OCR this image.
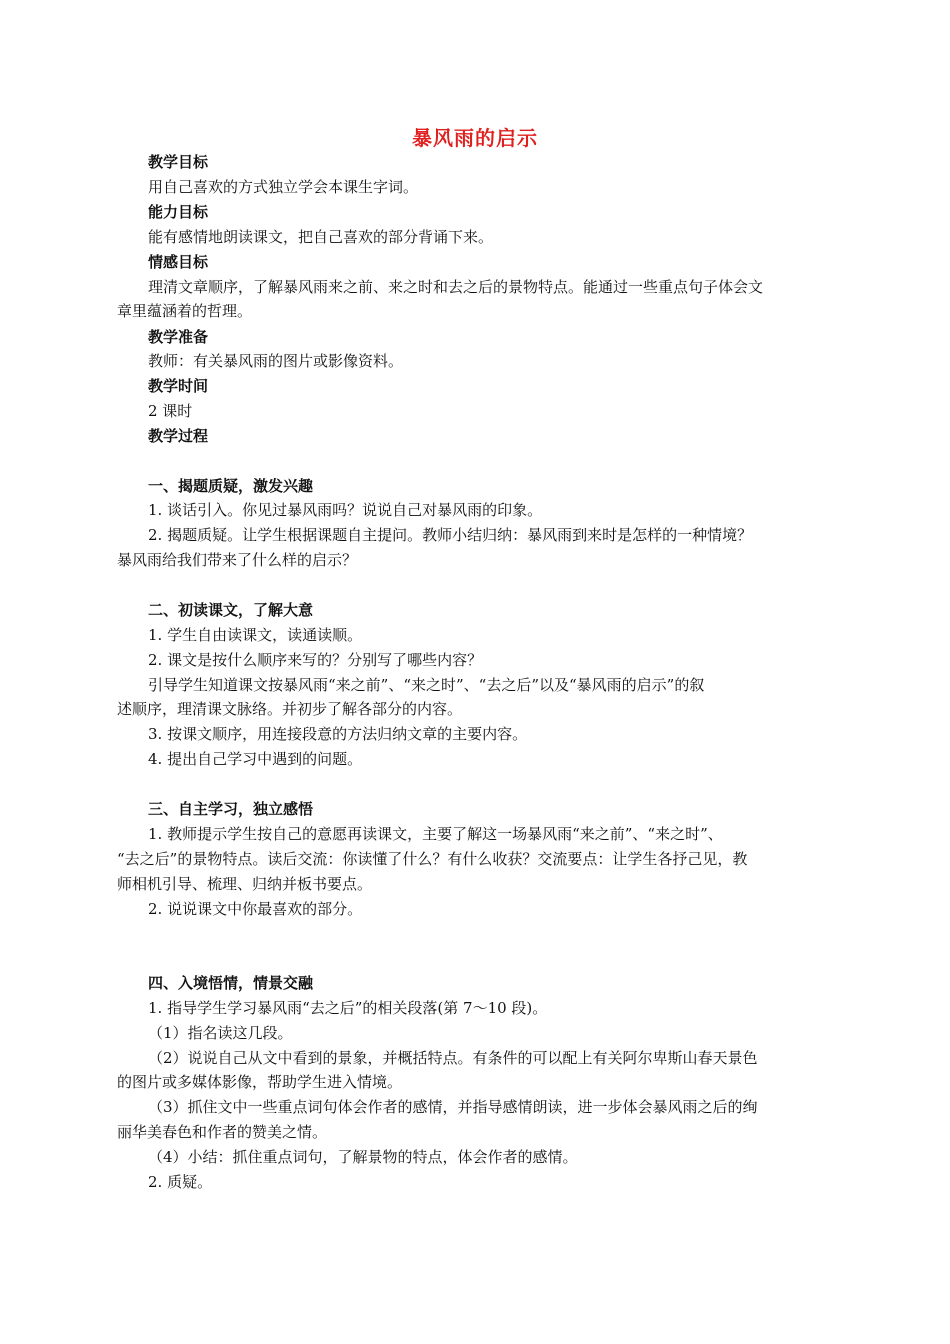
暴风雨的启示
教学目标
用自己喜欢的方式独立学会本课生字词。
能力目标
能有感情地朗读课文，把自己喜欢的部分背诵下来。
情感目标
理清文章顺序，了解暴风雨来之前、来之时和去之后的景物特点。能通过一些重点句子体会文
章里蕴涵着的哲理。
教学准备
教师：有关暴风雨的图片或影像资料。
教学时间
2 课时
教学过程
一、揭题质疑，激发兴趣
1. 谈话引入。你见过暴风雨吗？说说自己对暴风雨的印象。
2. 揭题质疑。让学生根据课题自主提问。教师小结归纳：暴风雨到来时是怎样的一种情境？
暴风雨给我们带来了什么样的启示？
二、初读课文，了解大意
1. 学生自由读课文，读通读顺。
2. 课文是按什么顺序来写的？分别写了哪些内容？
引导学生知道课文按暴风雨“来之前”、“来之时”、“去之后”以及“暴风雨的启示”的叙
述顺序，理清课文脉络。并初步了解各部分的内容。
3. 按课文顺序，用连接段意的方法归纳文章的主要内容。
4. 提出自己学习中遇到的问题。
三、自主学习，独立感悟
1. 教师提示学生按自己的意愿再读课文，主要了解这一场暴风雨“来之前”、“来之时”、
“去之后”的景物特点。读后交流：你读懂了什么？有什么收获？交流要点：让学生各抒己见，教
师相机引导、梳理、归纳并板书要点。
2. 说说课文中你最喜欢的部分。
四、入境悟情，情景交融
1. 指导学生学习暴风雨“去之后”的相关段落(第 7～10 段)。
（1）指名读这几段。
（2）说说自己从文中看到的景象，并概括特点。有条件的可以配上有关阿尔卑斯山春天景色
的图片或多媒体影像，帮助学生进入情境。
（3）抓住文中一些重点词句体会作者的感情，并指导感情朗读，进一步体会暴风雨之后的绚
丽华美春色和作者的赞美之情。
（4）小结：抓住重点词句，了解景物的特点，体会作者的感情。
2. 质疑。
